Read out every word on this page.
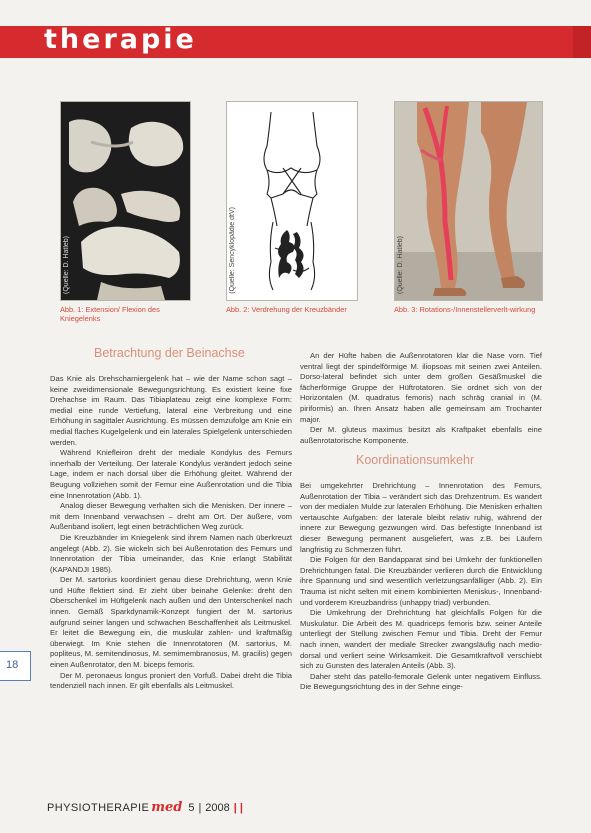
therapie
(Quelle: D. Hatleb)	(Quelle: Sencyklopädie dtV)	(Quelle: D. Hatleb)
Abb. 1: Extension/ Flexion des Kniegelenks
Abb. 2: Verdrehung der Kreuzbänder	Abb. 3: Rotations-/Innenstellerverlt-wirkung
Betrachtung der Beinachse

Das Knie als Drehscharniergelenk hat – wie der Name schon sagt – keine zweidimensionale Bewegungsrichtung. Es existiert keine fixe Drehachse im Raum. Das Tibiaplateau zeigt eine komplexe Form: medial eine runde Vertiefung, lateral eine Verbreitung und eine Erhöhung in sagittaler Ausrichtung. Es müssen demzufolge am Knie ein medial flaches Kugelgelenk und ein laterales Spielgelenk unterschieden werden.

Während Kniefleiron dreht der mediale Kondylus des Femurs innerhalb der Verteilung. Der laterale Kondylus verändert jedoch seine Lage, indem er nach dorsal über die Erhöhung gleitet. Während der Beugung vollziehen somit der Femur eine Außenrotation und die Tibia eine Innenrotation (Abb. 1).

Analog dieser Bewegung verhalten sich die Menisken. Der innere – mit dem Innenband verwachsen – dreht am Ort. Der äußere, vom Außenband isoliert, legt einen beträchtlichen Weg zurück.

Die Kreuzbänder im Kniegelenk sind ihrem Namen nach überkreuzt angelegt (Abb. 2). Sie wickeln sich bei Außenrotation des Femurs und Innenrotation der Tibia umeinander, das Knie erlangt Stabilität (KAPANDJI 1985).

Der M. sartorius koordiniert genau diese Drehrichtung, wenn Knie und Hüfte flektiert sind. Er zieht über beinahe Gelenke: dreht den Oberschenkel im Hüftgelenk nach außen und den Unterschenkel nach innen. Gemäß Sparkdynamik-Konzept fungiert der M. sartorius aufgrund seiner langen und schwachen Beschaffenheit als Leitmuskel. Er leitet die Bewegung ein, die muskulär zahlen- und kraftmäßig überwiegt. Im Knie stehen die Innenrotatoren (M. sartorius, M. popliteus, M. semitendinosus, M. semimembranosus, M. gracilis) gegen einen Außenrotator, den M. biceps femoris.

Der M. peronaeus longus proniert den Vorfuß. Dabei dreht die Tibia tendenziell nach innen. Er gilt ebenfalls als Leitmuskel.

An der Hüfte haben die Außenrotatoren klar die Nase vorn. Tief ventral liegt der spindelförmige M. iliopsoas mit seinen zwei Anteilen. Dorso-lateral befindet sich unter dem großen Gesäßmuskel die fächerförmige Gruppe der Hüftrotatoren. Sie ordnet sich von der Horizontalen (M. quadratus femoris) nach schräg cranial in (M. piriformis) an. Ihren Ansatz haben alle gemeinsam am Trochanter major.

Der M. gluteus maximus besitzt als Kraftpaket ebenfalls eine außenrotatorische Komponente.

Koordinationsumkehr

Bei umgekehrter Drehrichtung – Innenrotation des Femurs, Außenrotation der Tibia – verändert sich das Drehzentrum. Es wandert von der medialen Mulde zur lateralen Erhöhung. Die Menisken erhalten vertauschte Aufgaben: der laterale bleibt relativ ruhig, während der innere zur Bewegung gezwungen wird. Das befestigte Innenband ist dieser Bewegung permanent ausgeliefert, was z.B. bei Läufern langfristig zu Schmerzen führt.

Die Folgen für den Bandapparat sind bei Umkehr der funktionellen Drehrichtungen fatal. Die Kreuzbänder verlieren durch die Entwicklung ihre Spannung und sind wesentlich verletzungsanfälliger (Abb. 2). Ein Trauma ist nicht selten mit einem kombinierten Meniskus-, Innenband- und vorderem Kreuzbandriss (unhappy triad) verbunden.

Die Umkehrung der Drehrichtung hat gleichfalls Folgen für die Muskulatur. Die Arbeit des M. quadriceps femoris bzw. seiner Anteile unterliegt der Stellung zwischen Femur und Tibia. Dreht der Femur nach innen, wandert der mediale Strecker zwangsläufig nach medio-dorsal und verliert seine Wirksamkeit. Die Gesamtkraftvoll verschiebt sich zu Gunsten des lateralen Anteils (Abb. 3).

Daher steht das patello-femorale Gelenk unter negativem Einfluss. Die Bewegungsrichtung des in der Sehne einge-

18
PHYSIOTHERAPIE med 5 | 2008 | |
